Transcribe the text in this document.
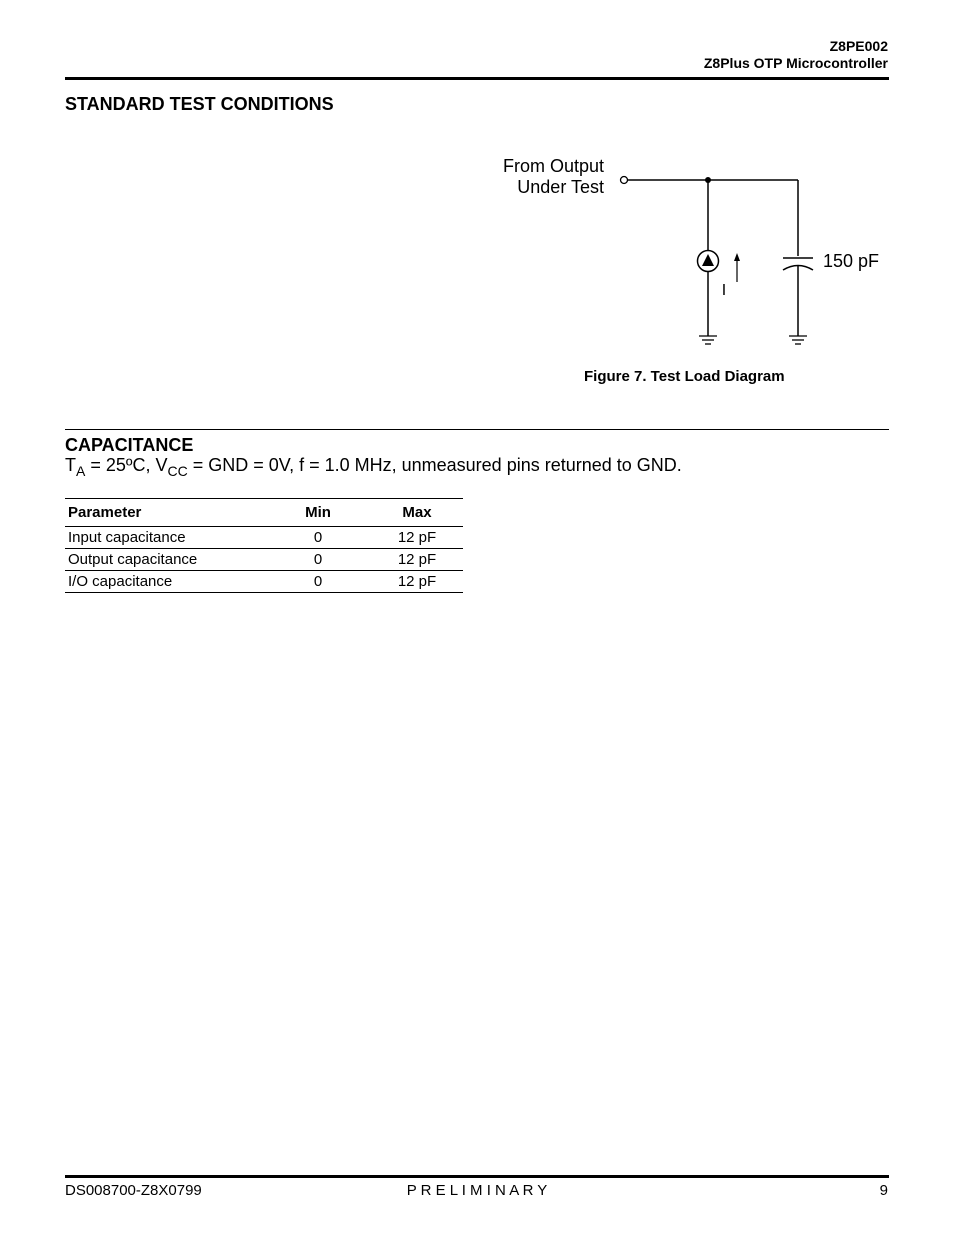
Z8PE002
Z8Plus OTP Microcontroller
STANDARD TEST CONDITIONS
From Output
Under Test
I
150 pF
Figure 7. Test Load Diagram
CAPACITANCE
$T_A$ = 25ºC, $V_{CC}$ = GND = 0V, f = 1.0 MHz, unmeasured pins returned to GND.
Parameter	Min	Max
Input capacitance	0	12 pF
Output capacitance	0	12 pF
I/O capacitance	0	12 pF
DS008700-Z8X0799	P R E L I M I N A R Y	9
